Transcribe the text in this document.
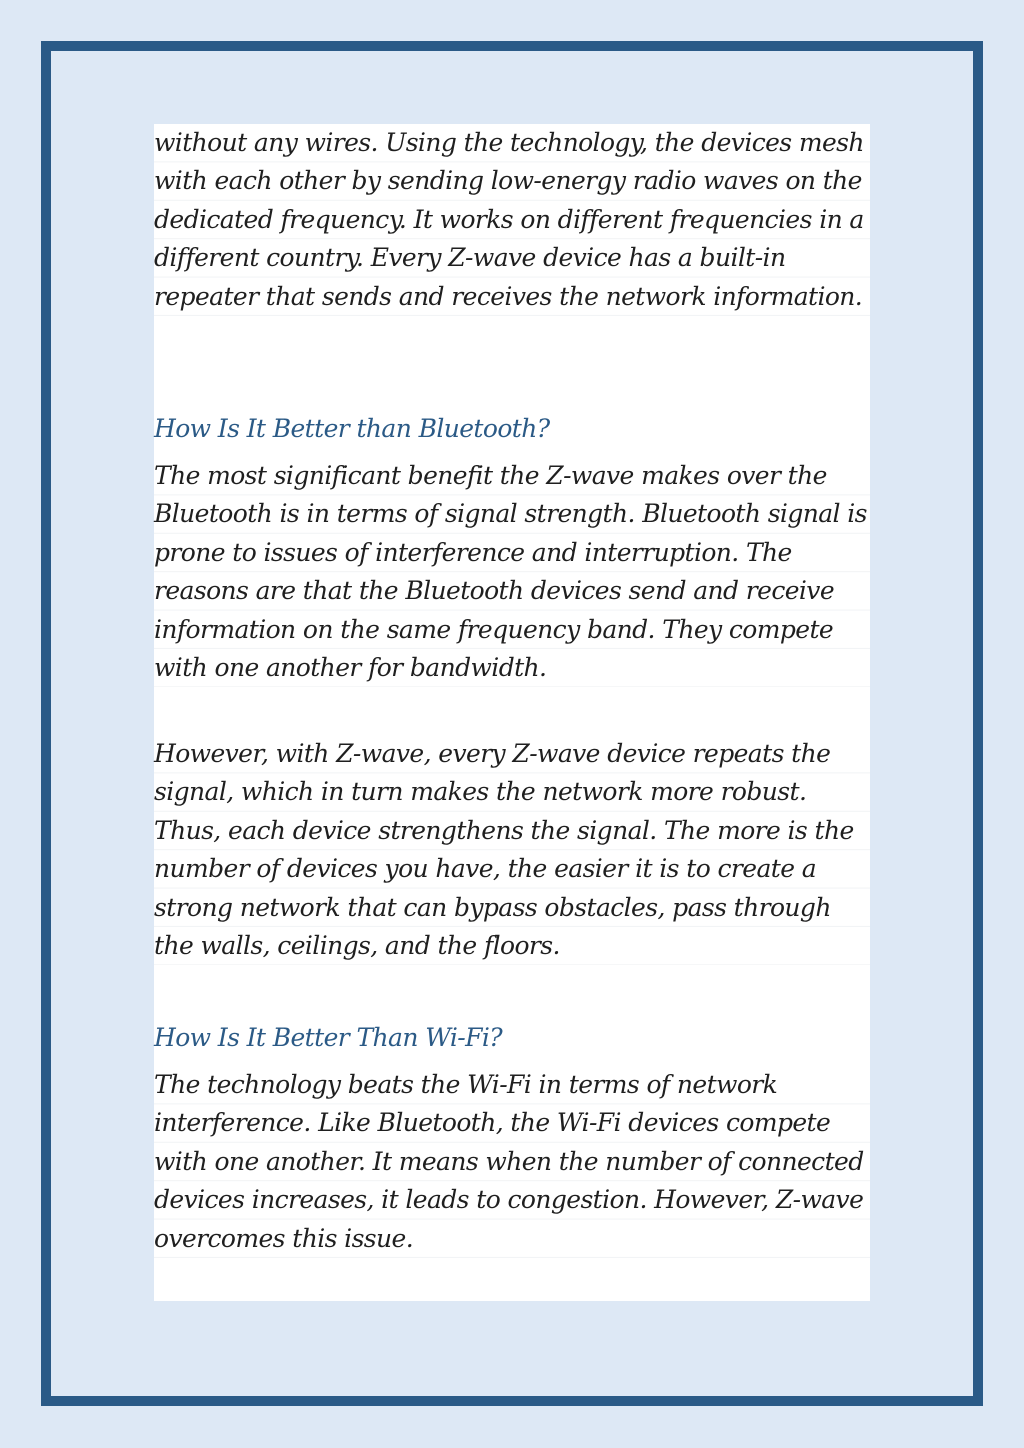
without any wires. Using the technology, the devices mesh with each other by sending low-energy radio waves on the dedicated frequency. It works on different frequencies in a different country. Every Z-wave device has a built-in repeater that sends and receives the network information.

How Is It Better than Bluetooth?

The most significant benefit the Z-wave makes over the Bluetooth is in terms of signal strength. Bluetooth signal is prone to issues of interference and interruption. The reasons are that the Bluetooth devices send and receive information on the same frequency band. They compete with one another for bandwidth.

However, with Z-wave, every Z-wave device repeats the signal, which in turn makes the network more robust. Thus, each device strengthens the signal. The more is the number of devices you have, the easier it is to create a strong network that can bypass obstacles, pass through the walls, ceilings, and the floors.

How Is It Better Than Wi-Fi?

The technology beats the Wi-Fi in terms of network interference. Like Bluetooth, the Wi-Fi devices compete with one another. It means when the number of connected devices increases, it leads to congestion. However, Z-wave overcomes this issue.
